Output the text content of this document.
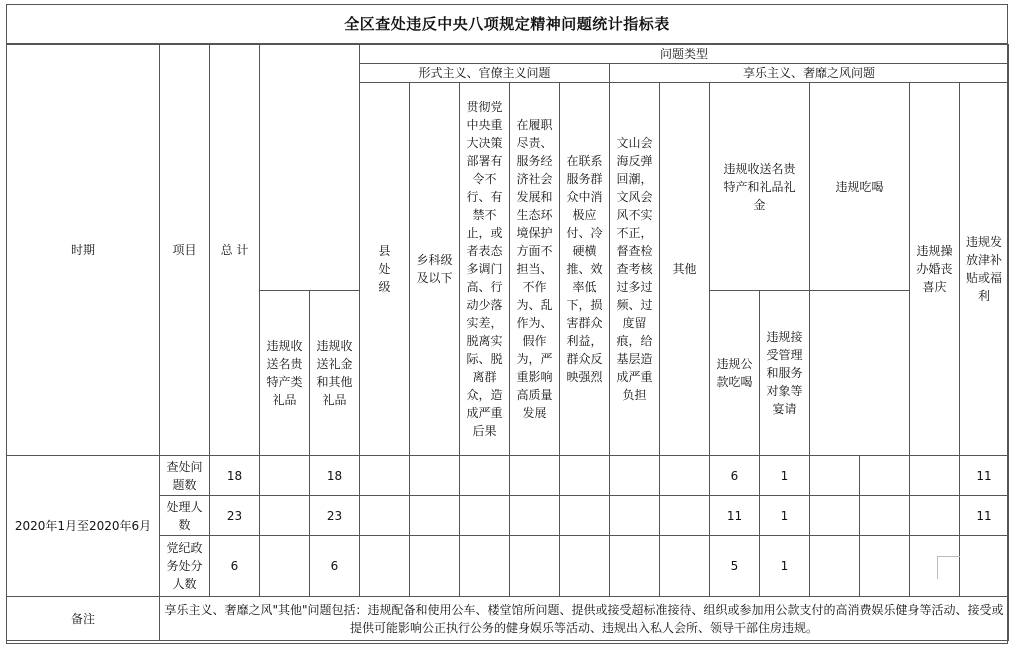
全区查处违反中央八项规定精神问题统计指标表
时期	项目	总 计			问题类型													
					形式主义、官僚主义问题					享乐主义、奢靡之风问题								

					县 处 级	乡科级及以下	贯彻党中央重大决策部署有令不行、有禁不止，或者表态多调门高、行动少落实差，脱离实际、脱离群众，造成严重后果	在履职尽责、服务经济社会发展和生态环境保护方面不担当、不作为、乱作为、假作为，严重影响高质量发展	在联系服务群众中消极应付、冷硬横推、效率低下，损害群众利益，群众反映强烈	文山会海反弹回潮，文风会风不实不正，督查检查考核过多过频、过度留痕，给基层造成严重负担	其他	违规收送名贵特产和礼品礼金		违规吃喝		违规操办婚丧喜庆	违规发放津补贴或福利

			违规收送名贵特产类礼品	违规收送礼金和其他礼品								违规公款吃喝	违规接受管理和服务对象等宴请					

2020年1月至2020年6月	查处问题数	18		18								6	1				11	

	处理人数	23		23								11	1				11	

	党纪政务处分人数	6		6								5	1					
备注	享乐主义、奢靡之风"其他"问题包括：违规配备和使用公车、楼堂馆所问题、提供或接受超标准接待、组织或参加用公款支付的高消费娱乐健身等活动、接受或提供可能影响公正执行公务的健身娱乐等活动、违规出入私人会所、领导干部住房违规。																	
